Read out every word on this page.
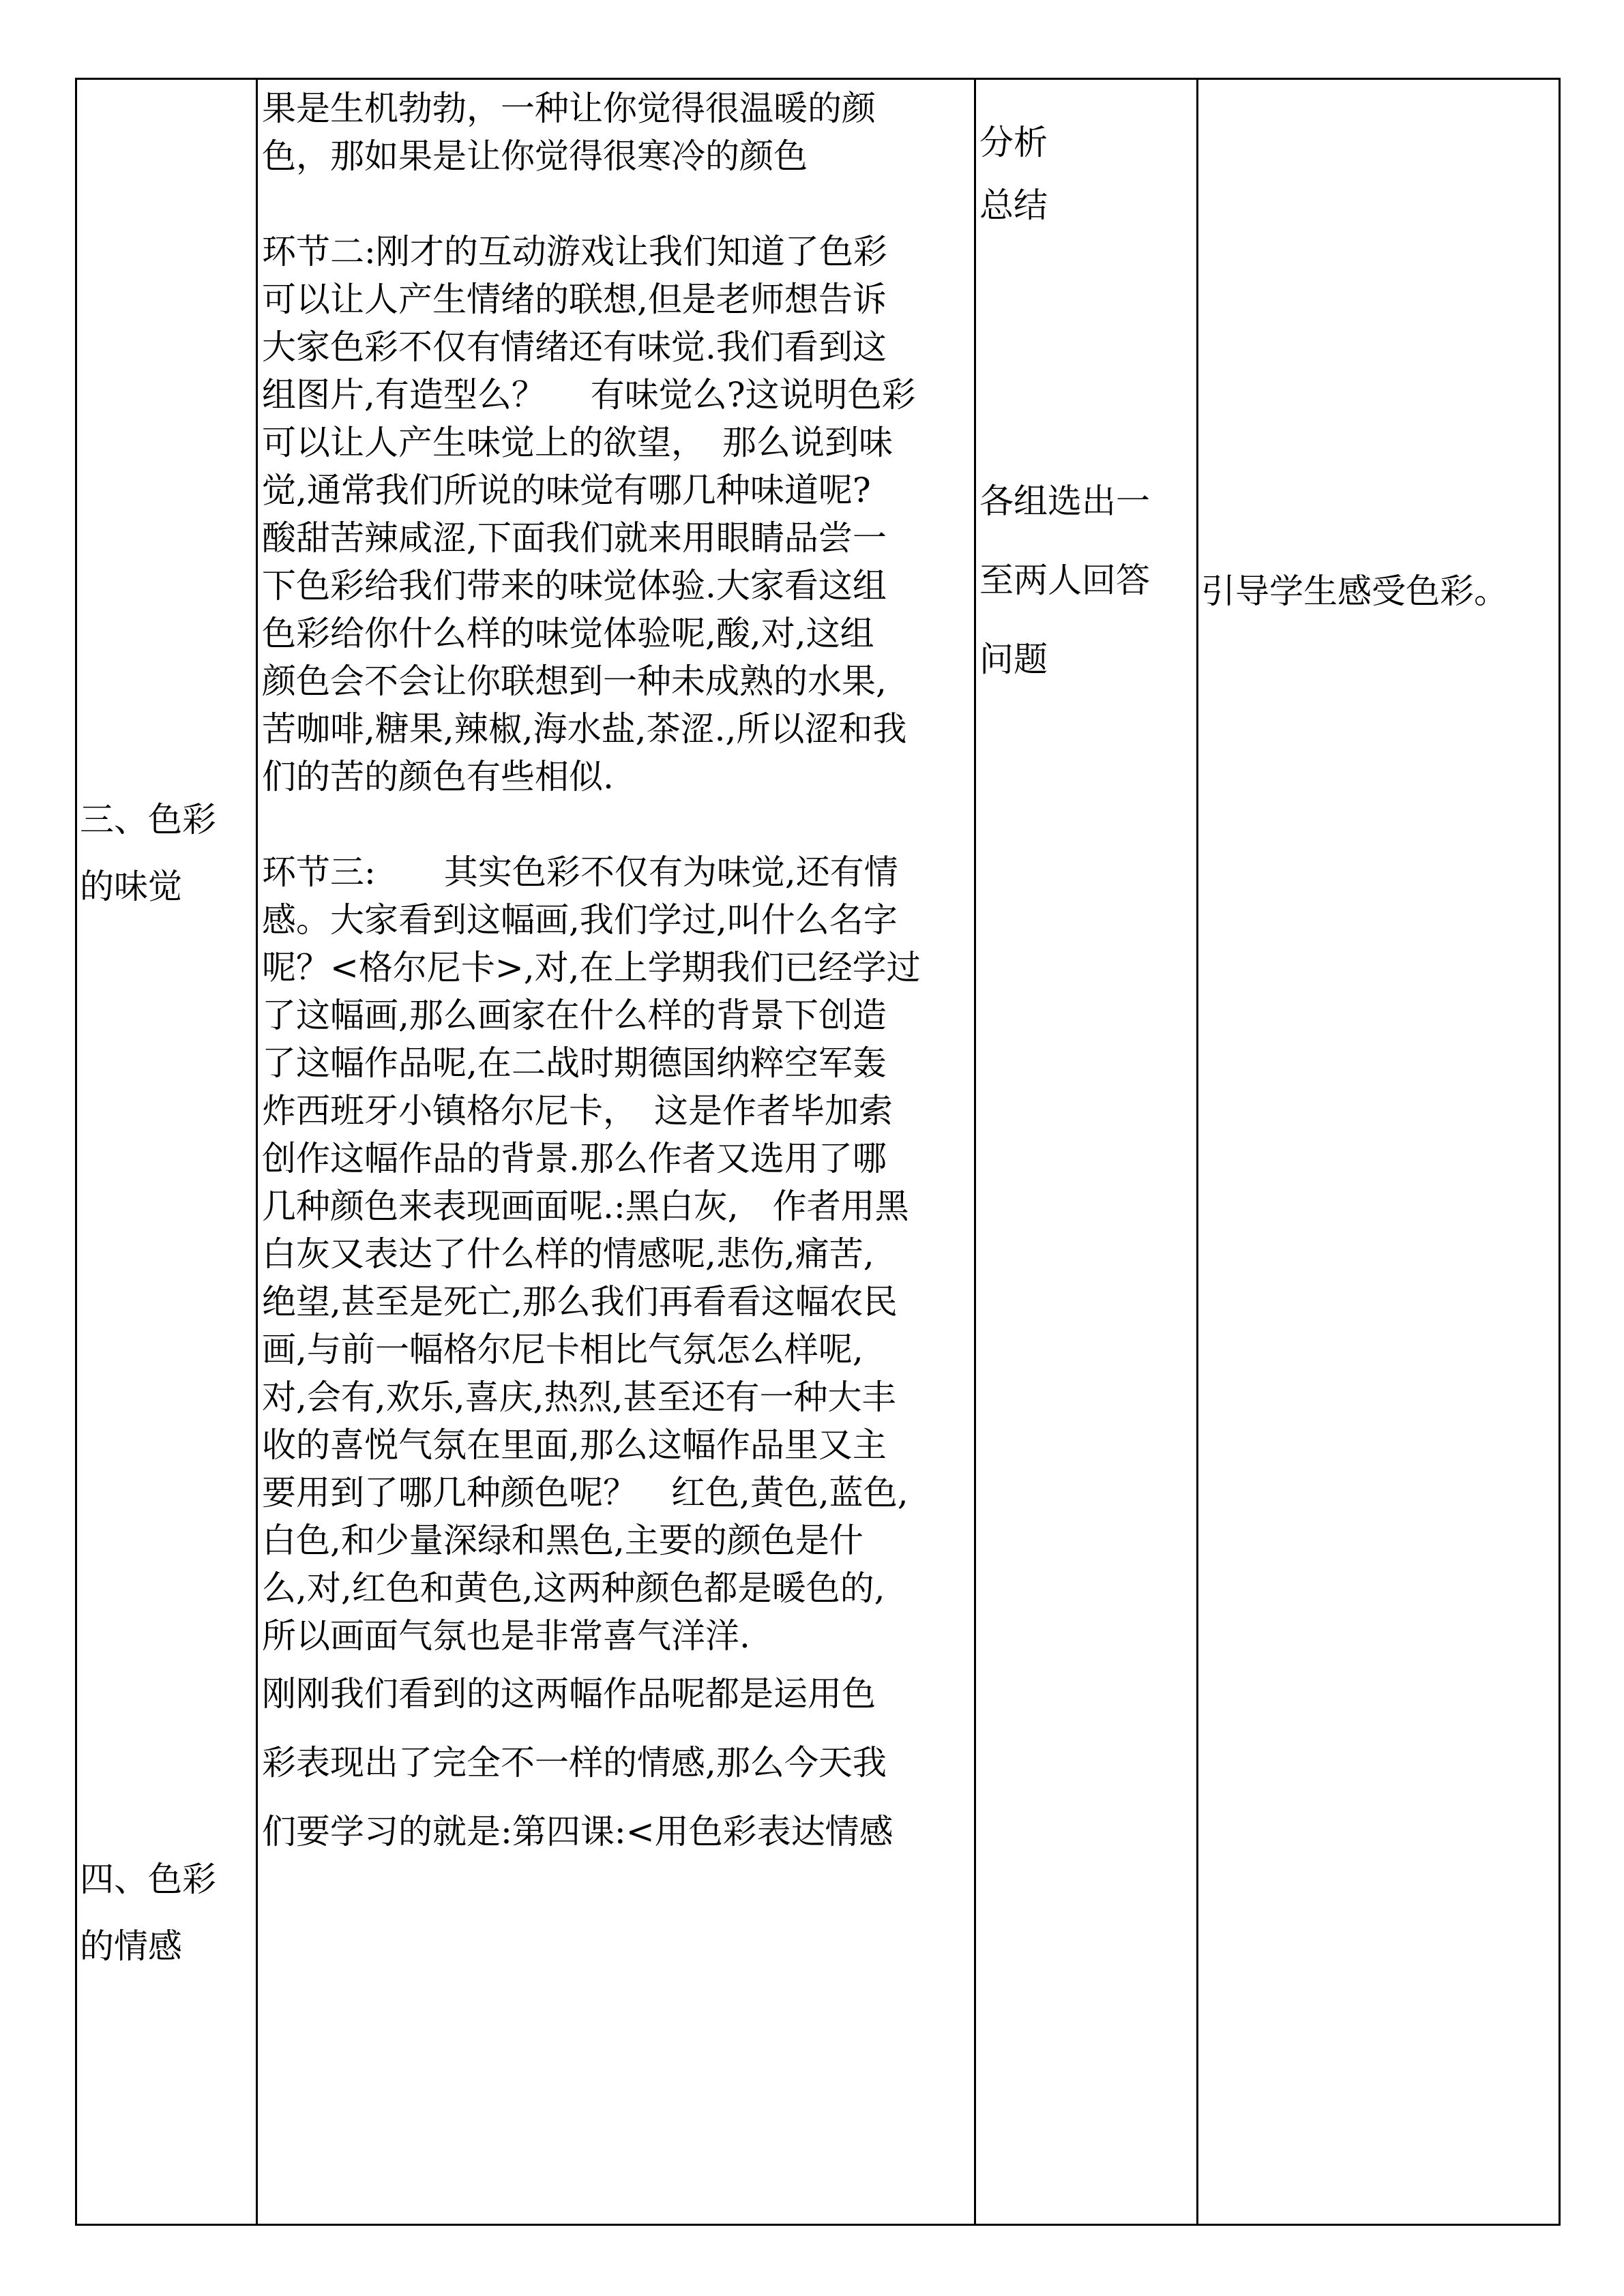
三、色彩
的味觉
四、色彩
的情感
果是生机勃勃，一种让你觉得很温暖的颜
色，那如果是让你觉得很寒冷的颜色
环节二:刚才的互动游戏让我们知道了色彩
可以让人产生情绪的联想,但是老师想告诉
大家色彩不仅有情绪还有味觉.我们看到这
组图片,有造型么？　 有味觉么?这说明色彩
可以让人产生味觉上的欲望，　那么说到味
觉,通常我们所说的味觉有哪几种味道呢?
酸甜苦辣咸涩,下面我们就来用眼睛品尝一
下色彩给我们带来的味觉体验.大家看这组
色彩给你什么样的味觉体验呢,酸,对,这组
颜色会不会让你联想到一种未成熟的水果,
苦咖啡,糖果,辣椒,海水盐,茶涩.,所以涩和我
们的苦的颜色有些相似.
环节三:　　其实色彩不仅有为味觉,还有情
感。大家看到这幅画,我们学过,叫什么名字
呢？<格尔尼卡>,对,在上学期我们已经学过
了这幅画,那么画家在什么样的背景下创造
了这幅作品呢,在二战时期德国纳粹空军轰
炸西班牙小镇格尔尼卡，　这是作者毕加索
创作这幅作品的背景.那么作者又选用了哪
几种颜色来表现画面呢.:黑白灰,　作者用黑
白灰又表达了什么样的情感呢,悲伤,痛苦,
绝望,甚至是死亡,那么我们再看看这幅农民
画,与前一幅格尔尼卡相比气氛怎么样呢,
对,会有,欢乐,喜庆,热烈,甚至还有一种大丰
收的喜悦气氛在里面,那么这幅作品里又主
要用到了哪几种颜色呢？　红色,黄色,蓝色,
白色,和少量深绿和黑色,主要的颜色是什
么,对,红色和黄色,这两种颜色都是暖色的,
所以画面气氛也是非常喜气洋洋.
刚刚我们看到的这两幅作品呢都是运用色
彩表现出了完全不一样的情感,那么今天我
们要学习的就是:第四课:<用色彩表达情感
分析
总结
各组选出一
至两人回答
问题
引导学生感受色彩。
